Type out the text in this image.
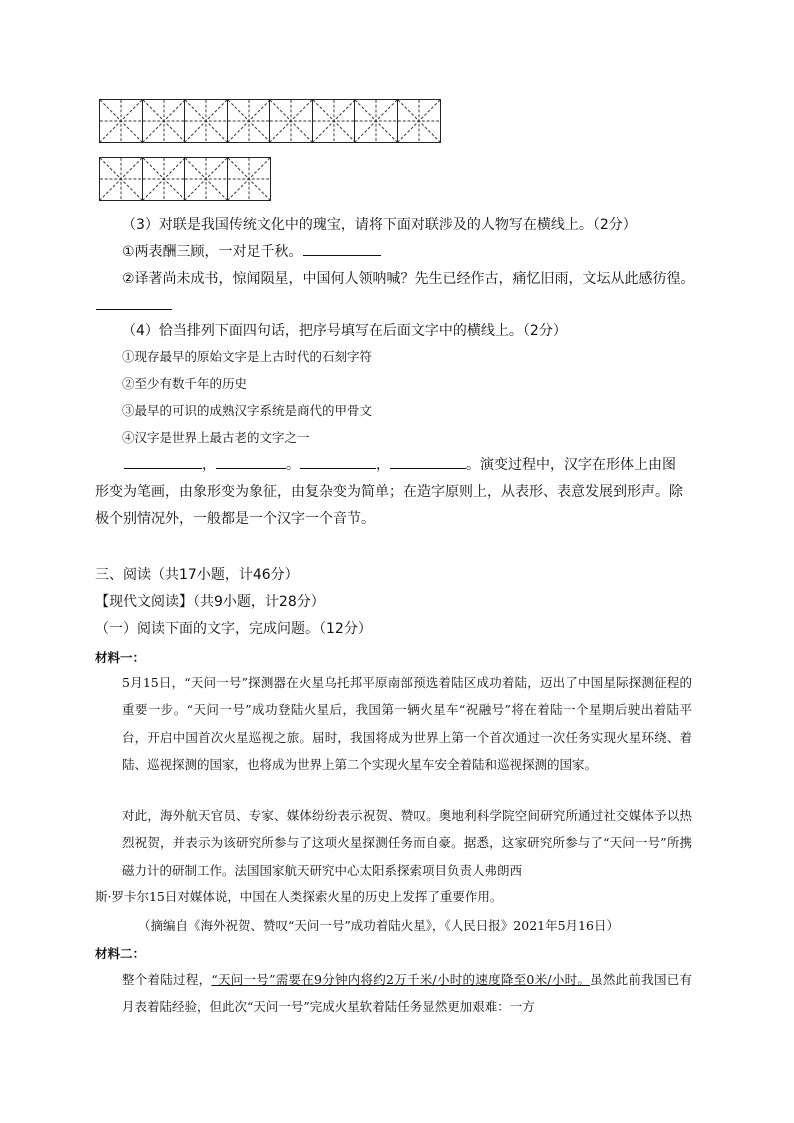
（3）对联是我国传统文化中的瑰宝，请将下面对联涉及的人物写在横线上。（2分）
①两表酬三顾，一对足千秋。
②译著尚未成书，惊闻陨星，中国何人领呐喊？先生已经作古，痛忆旧雨，文坛从此感彷徨。
（4）恰当排列下面四句话，把序号填写在后面文字中的横线上。（2分）
①现存最早的原始文字是上古时代的石刻字符
②至少有数千年的历史
③最早的可识的成熟汉字系统是商代的甲骨文
④汉字是世界上最古老的文字之一
，	。	，	。演变过程中，汉字在形体上由图
形变为笔画，由象形变为象征，由复杂变为简单；在造字原则上，从表形、表意发展到形声。除极个别情况外，一般都是一个汉字一个音节。
三、阅读（共17小题，计46分）
【现代文阅读】（共9小题，计28分）
（一）阅读下面的文字，完成问题。（12分）
材料一：
5月15日，“天问一号”探测器在火星乌托邦平原南部预选着陆区成功着陆，迈出了中国星际探测征程的重要一步。“天问一号”成功登陆火星后，我国第一辆火星车“祝融号”将在着陆一个星期后驶出着陆平台，开启中国首次火星巡视之旅。届时，我国将成为世界上第一个首次通过一次任务实现火星环绕、着陆、巡视探测的国家，也将成为世界上第二个实现火星车安全着陆和巡视探测的国家。
对此，海外航天官员、专家、媒体纷纷表示祝贺、赞叹。奥地利科学院空间研究所通过社交媒体予以热烈祝贺，并表示为该研究所参与了这项火星探测任务而自豪。据悉，这家研究所参与了“天问一号”所携磁力计的研制工作。法国国家航天研究中心太阳系探索项目负责人弗朗西
斯·罗卡尔15日对媒体说，中国在人类探索火星的历史上发挥了重要作用。
（摘编自《海外祝贺、赞叹“天问一号”成功着陆火星》，《人民日报》2021年5月16日）
材料二：
整个着陆过程，“天问一号”需要在9分钟内将约2万千米/小时的速度降至0米/小时。虽然此前我国已有月表着陆经验，但此次“天问一号”完成火星软着陆任务显然更加艰难：一方
